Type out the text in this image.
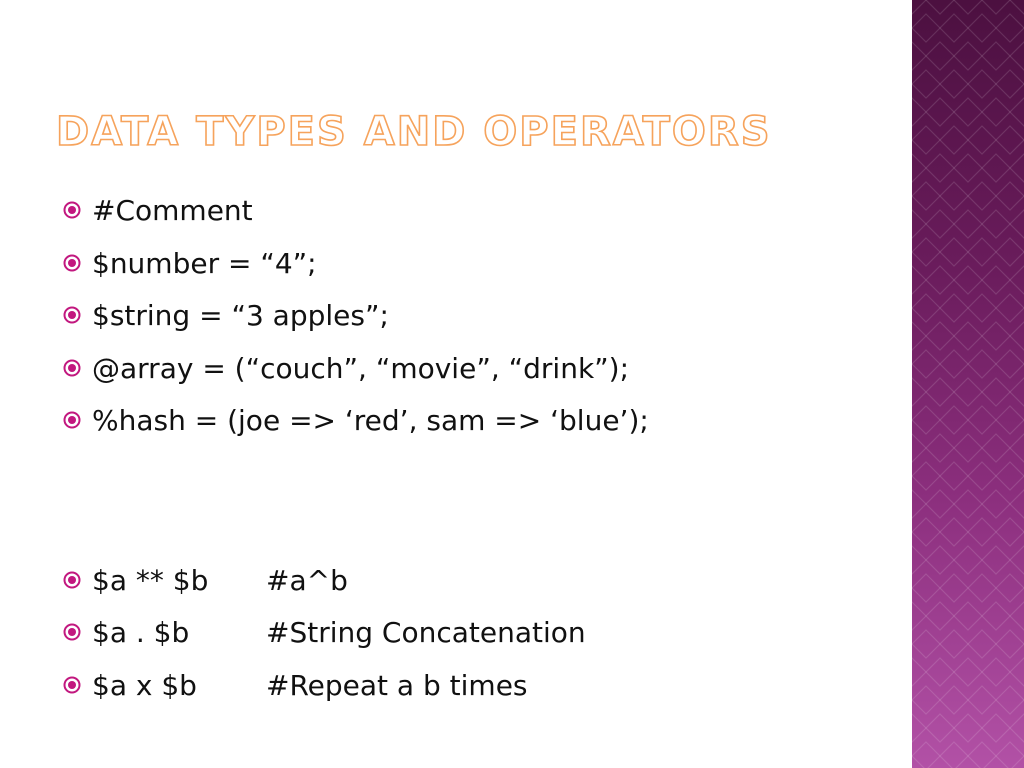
DATA TYPES AND OPERATORS
#Comment
$number = “4”;
$string = “3 apples”;
@array = (“couch”, “movie”, “drink”);
%hash = (joe => ‘red’, sam => ‘blue’);
$a ** $b	#a^b
$a . $b	#String Concatenation
$a x $b	#Repeat a b times
